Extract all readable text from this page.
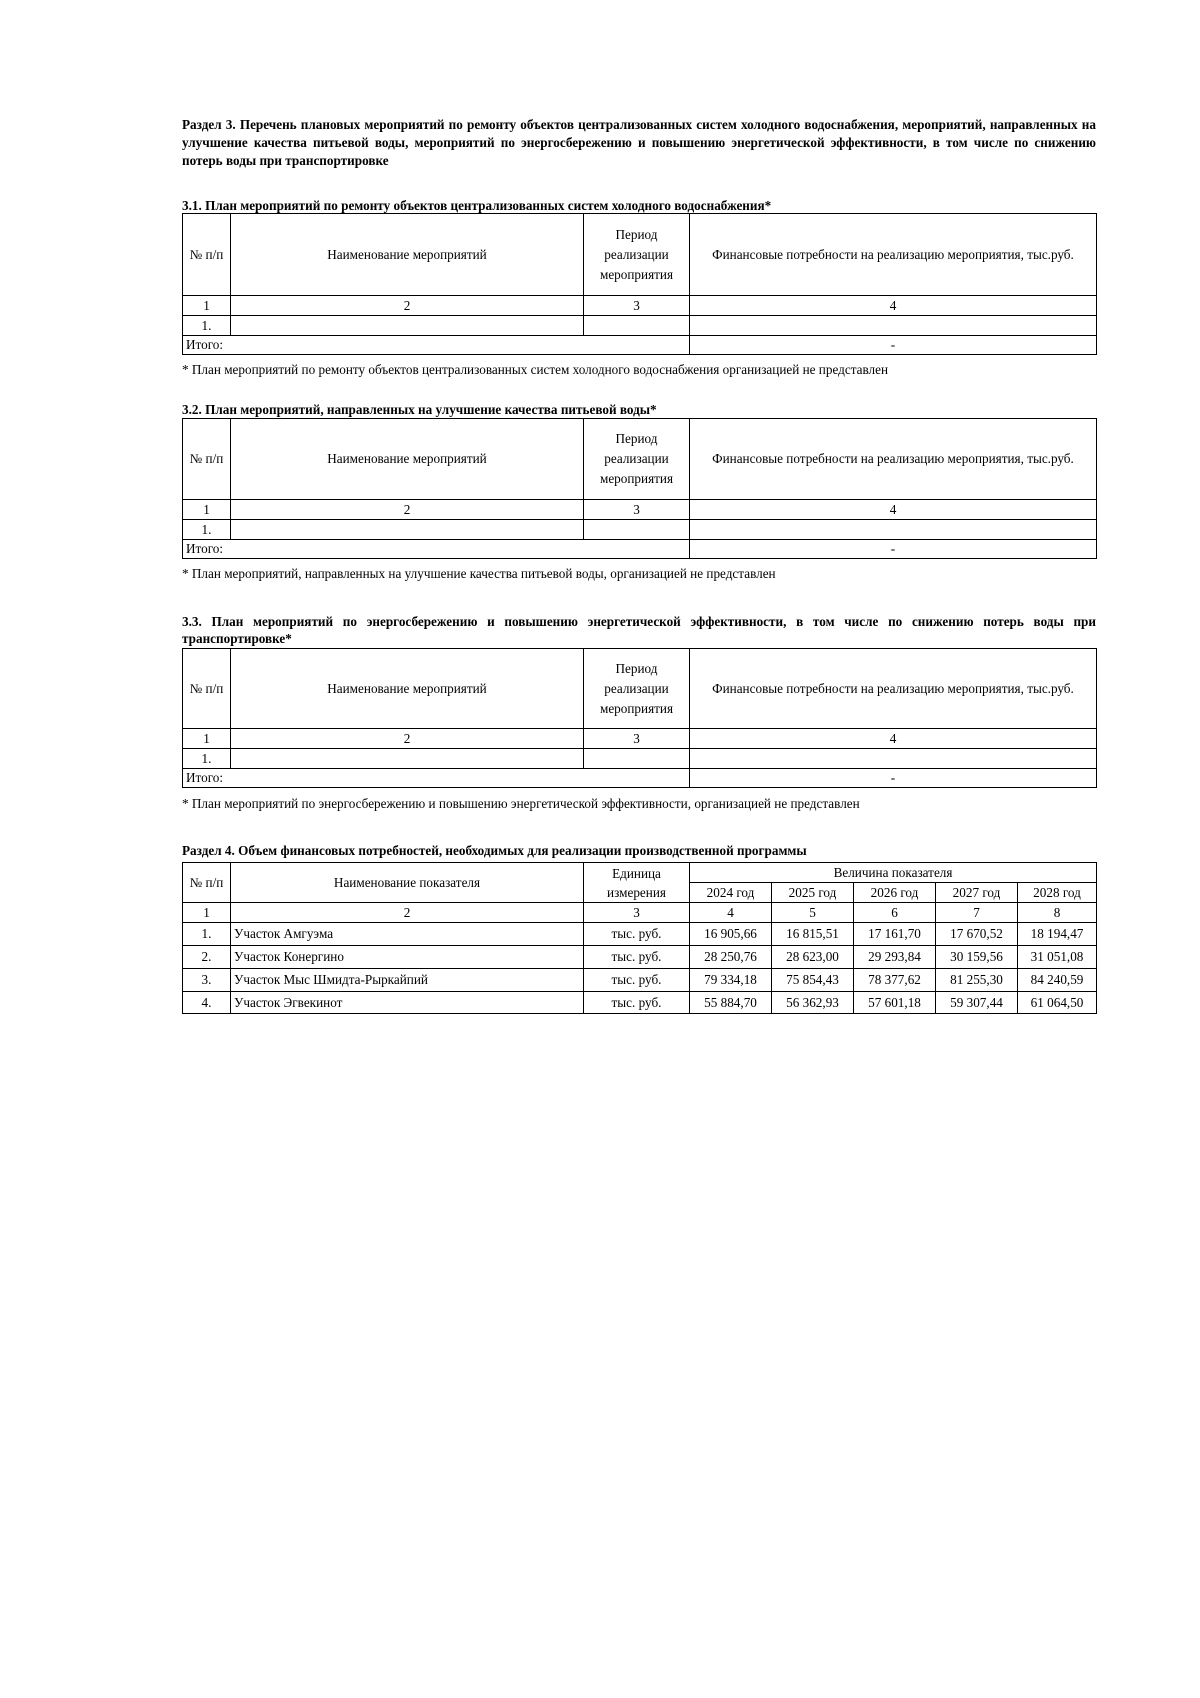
Раздел 3. Перечень плановых мероприятий по ремонту объектов централизованных систем холодного водоснабжения, мероприятий, направленных на улучшение качества питьевой воды, мероприятий по энергосбережению и повышению энергетической эффективности, в том числе по снижению потерь воды при транспортировке
3.1. План мероприятий по ремонту объектов централизованных систем холодного водоснабжения*
№ п/п	Наименование мероприятий	Период реализации мероприятия	Финансовые потребности на реализацию мероприятия, тыс.руб.
1	2	3	4
1.			
Итого:			-
* План мероприятий по ремонту объектов централизованных систем холодного водоснабжения организацией не представлен
3.2. План мероприятий, направленных на улучшение качества питьевой воды*
№ п/п	Наименование мероприятий	Период реализации мероприятия	Финансовые потребности на реализацию мероприятия, тыс.руб.
1	2	3	4
1.			
Итого:			-
* План мероприятий, направленных на улучшение качества питьевой воды, организацией не представлен
3.3. План мероприятий по энергосбережению и повышению энергетической эффективности, в том числе по снижению потерь воды при транспортировке*
№ п/п	Наименование мероприятий	Период реализации мероприятия	Финансовые потребности на реализацию мероприятия, тыс.руб.
1	2	3	4
1.			
Итого:			-
* План мероприятий по энергосбережению и повышению энергетической эффективности, организацией не представлен
Раздел 4. Объем финансовых потребностей, необходимых для реализации производственной программы
№ п/п	Наименование показателя	Единица измерения	Величина показателя				
			2024 год	2025 год	2026 год	2027 год	2028 год
1	2	3	4	5	6	7	8
1.	Участок Амгуэма	тыс. руб.	16 905,66	16 815,51	17 161,70	17 670,52	18 194,47
2.	Участок Конергино	тыс. руб.	28 250,76	28 623,00	29 293,84	30 159,56	31 051,08
3.	Участок Мыс Шмидта-Рыркайпий	тыс. руб.	79 334,18	75 854,43	78 377,62	81 255,30	84 240,59
4.	Участок Эгвекинот	тыс. руб.	55 884,70	56 362,93	57 601,18	59 307,44	61 064,50
